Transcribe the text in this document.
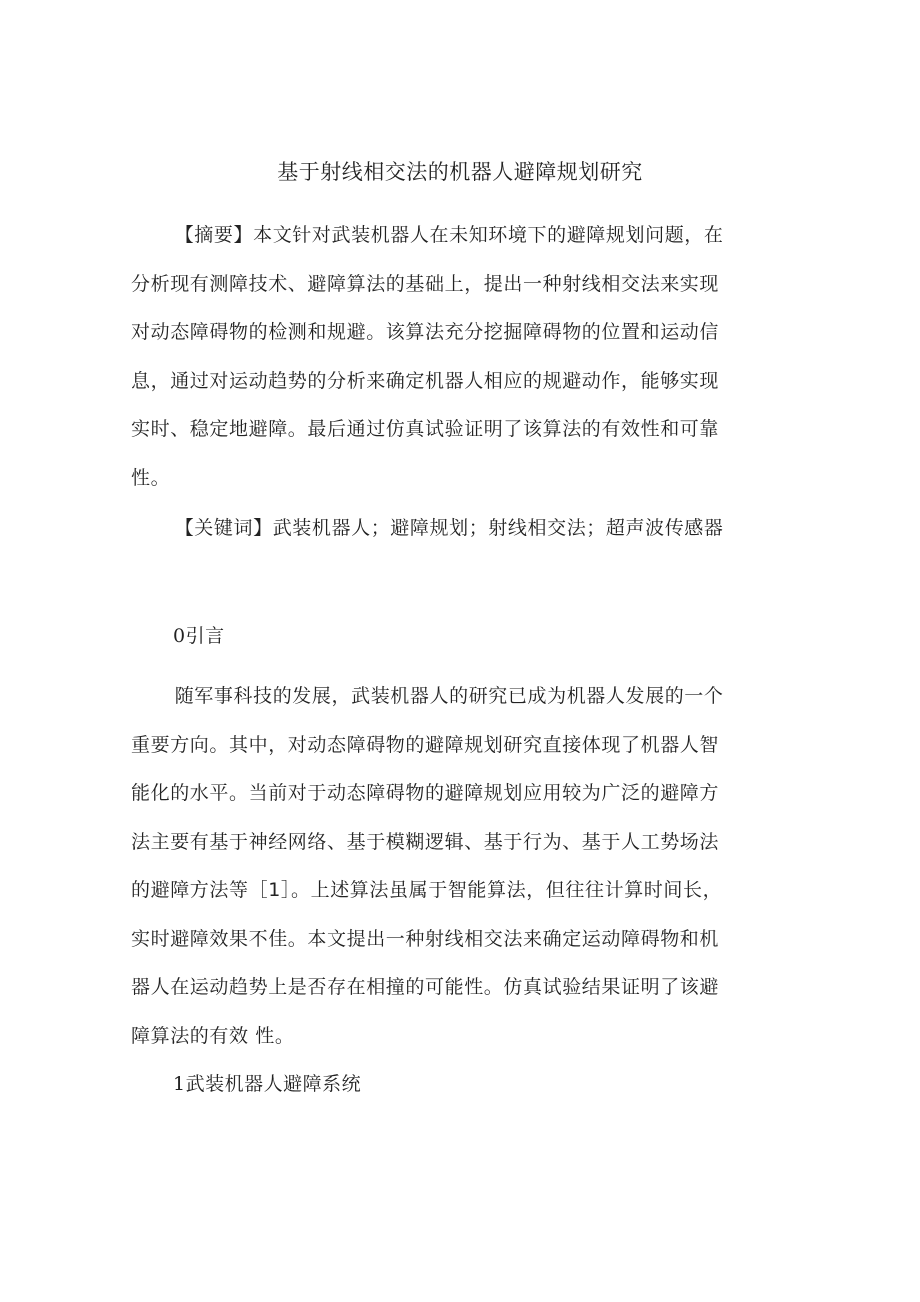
基于射线相交法的机器人避障规划研究

【摘要】本文针对武装机器人在未知环境下的避障规划问题，在分析现有测障技术、避障算法的基础上，提出一种射线相交法来实现对动态障碍物的检测和规避。该算法充分挖掘障碍物的位置和运动信息，通过对运动趋势的分析来确定机器人相应的规避动作，能够实现实时、稳定地避障。最后通过仿真试验证明了该算法的有效性和可靠性。

【关键词】武装机器人；避障规划；射线相交法；超声波传感器

0引言

随军事科技的发展，武装机器人的研究已成为机器人发展的一个重要方向。其中，对动态障碍物的避障规划研究直接体现了机器人智能化的水平。当前对于动态障碍物的避障规划应用较为广泛的避障方法主要有基于神经网络、基于模糊逻辑、基于行为、基于人工势场法的避障方法等［1］。上述算法虽属于智能算法，但往往计算时间长，实时避障效果不佳。本文提出一种射线相交法来确定运动障碍物和机器人在运动趋势上是否存在相撞的可能性。仿真试验结果证明了该避障算法的有效 性。

1武装机器人避障系统
